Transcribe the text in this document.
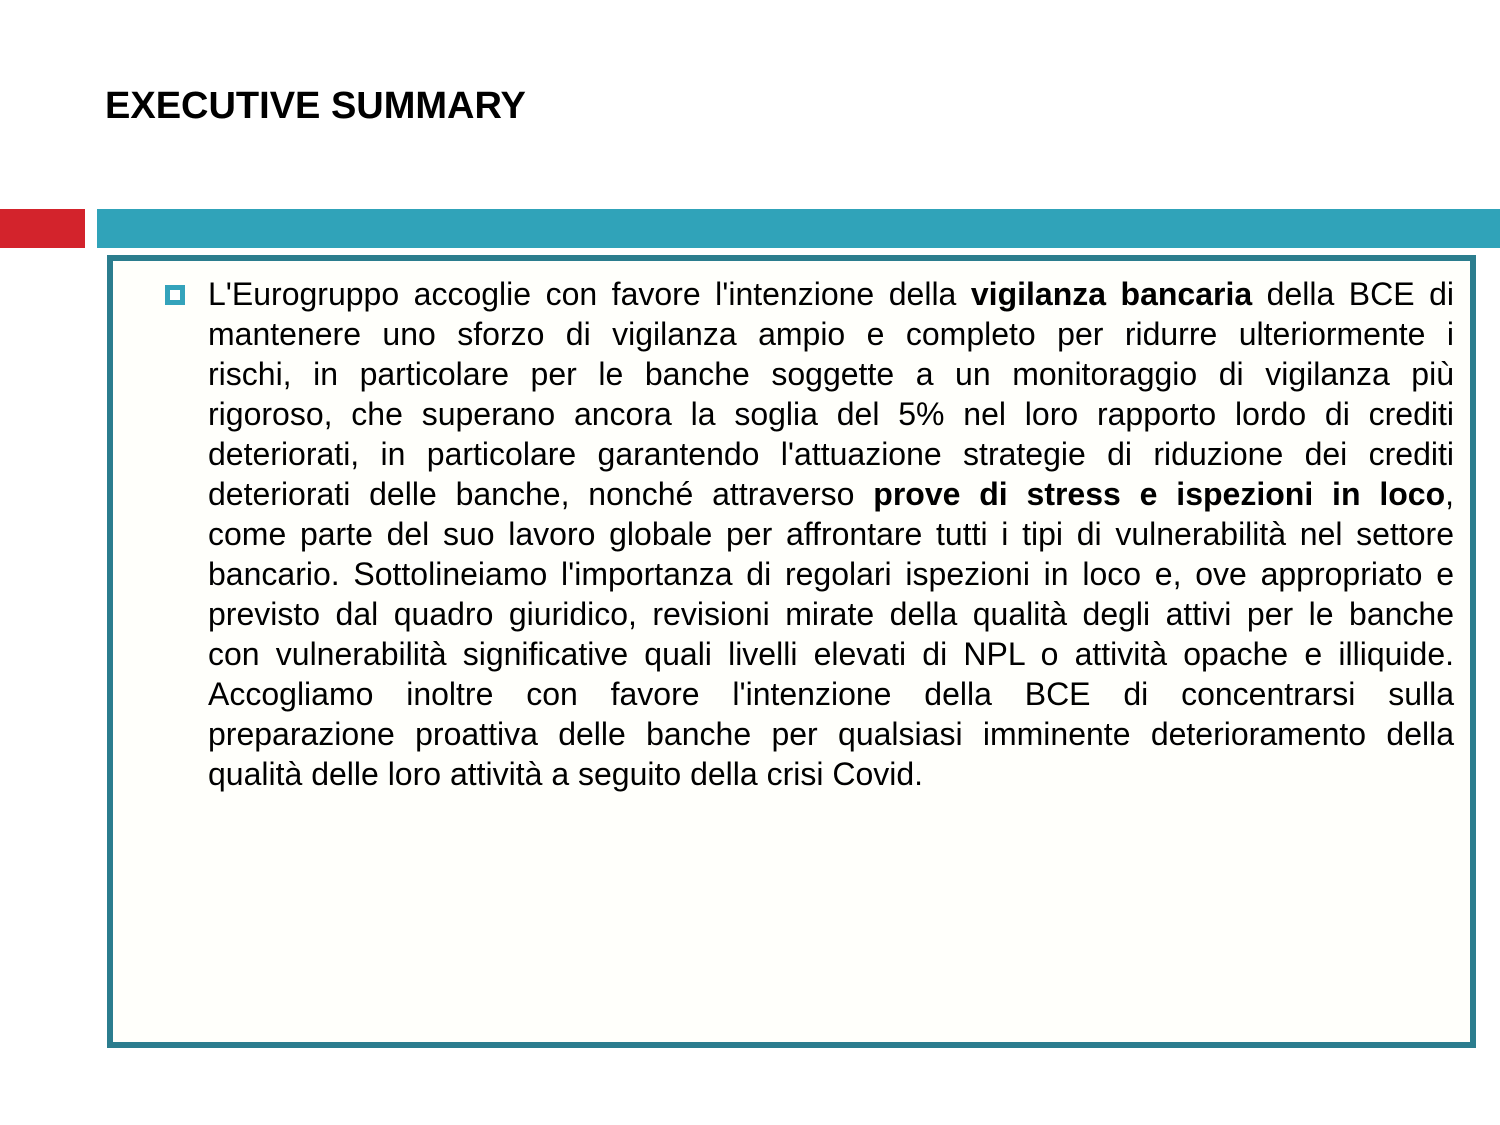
EXECUTIVE SUMMARY
L'Eurogruppo accoglie con favore l'intenzione della vigilanza bancaria della BCE di
mantenere uno sforzo di vigilanza ampio e completo per ridurre ulteriormente i
rischi, in particolare per le banche soggette a un monitoraggio di vigilanza più
rigoroso, che superano ancora la soglia del 5% nel loro rapporto lordo di crediti
deteriorati, in particolare garantendo l'attuazione strategie di riduzione dei crediti
deteriorati delle banche, nonché attraverso prove di stress e ispezioni in loco,
come parte del suo lavoro globale per affrontare tutti i tipi di vulnerabilità nel settore
bancario. Sottolineiamo l'importanza di regolari ispezioni in loco e, ove appropriato e
previsto dal quadro giuridico, revisioni mirate della qualità degli attivi per le banche
con vulnerabilità significative quali livelli elevati di NPL o attività opache e illiquide.
Accogliamo inoltre con favore l'intenzione della BCE di concentrarsi sulla
preparazione proattiva delle banche per qualsiasi imminente deterioramento della
qualità delle loro attività a seguito della crisi Covid.
